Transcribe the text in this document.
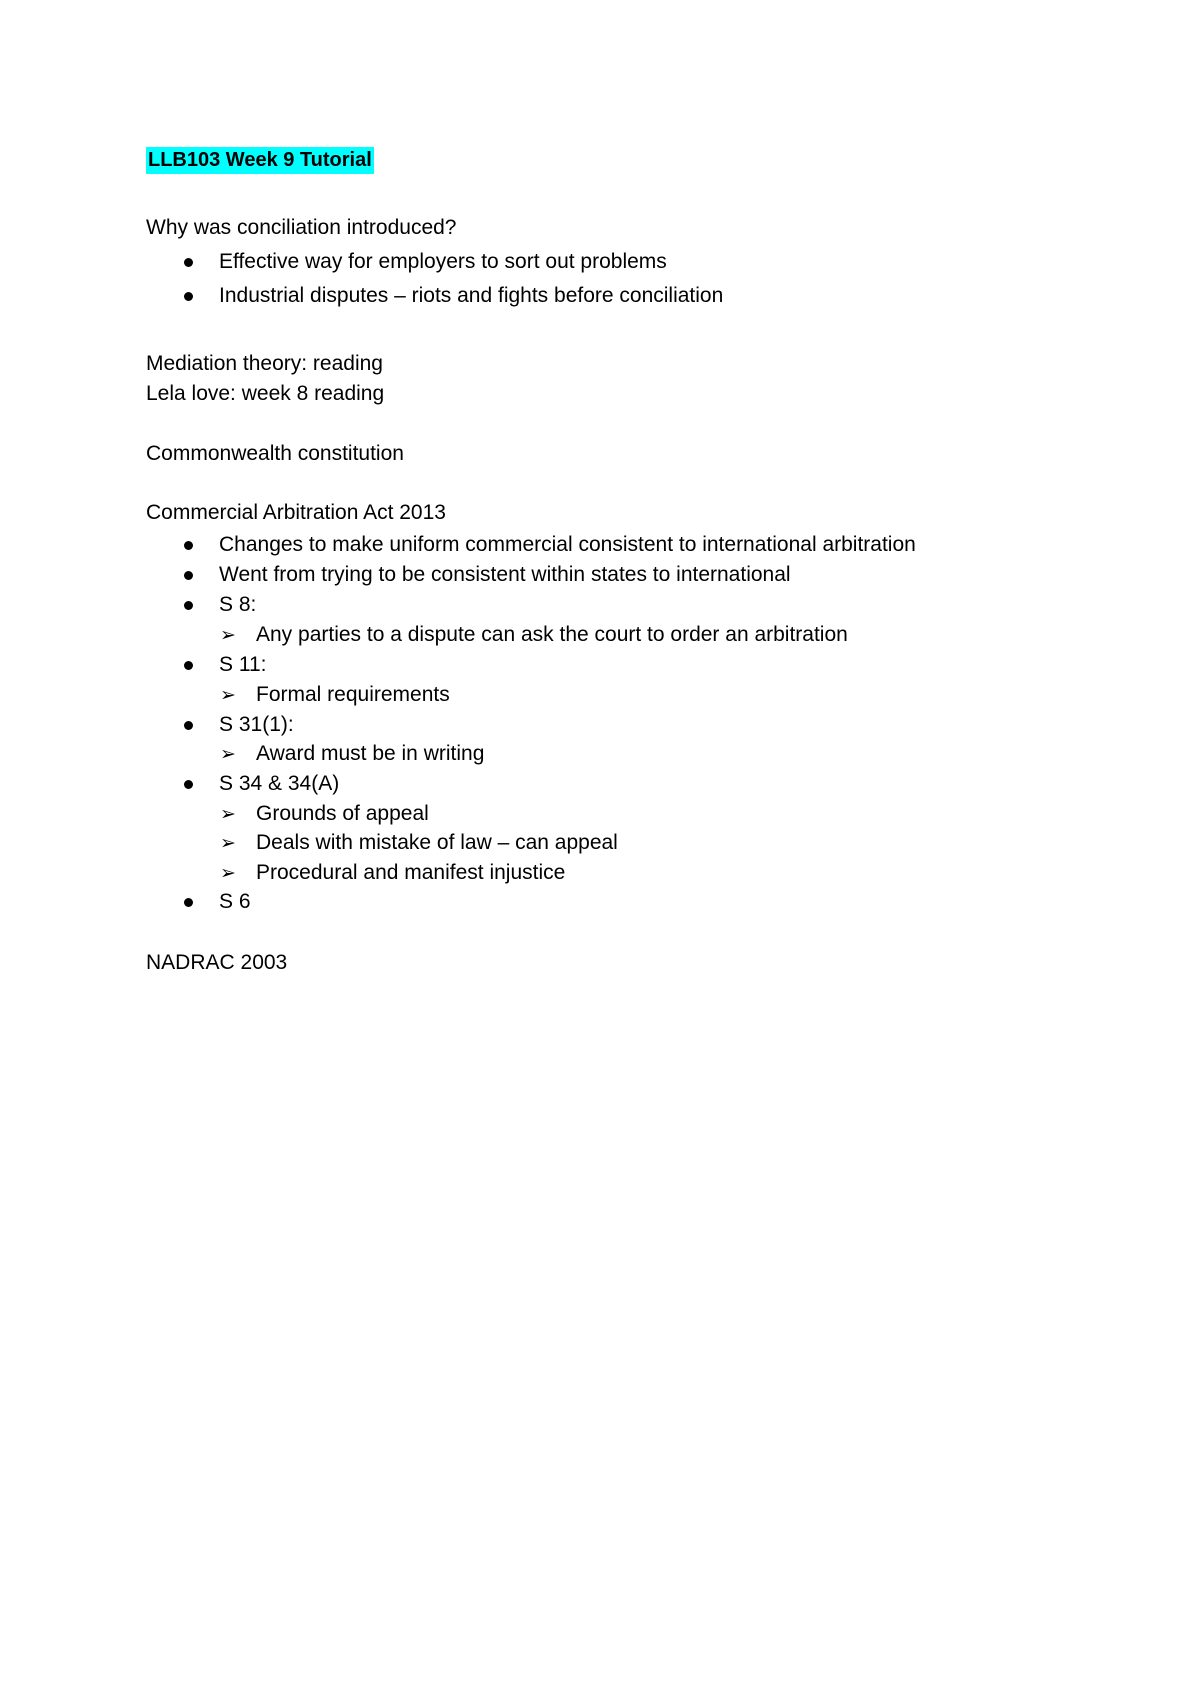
LLB103 Week 9 Tutorial
Why was conciliation introduced?
Effective way for employers to sort out problems
Industrial disputes – riots and fights before conciliation
Mediation theory: reading
Lela love: week 8 reading
Commonwealth constitution
Commercial Arbitration Act 2013
Changes to make uniform commercial consistent to international arbitration
Went from trying to be consistent within states to international
S 8:
➢ Any parties to a dispute can ask the court to order an arbitration
S 11:
➢ Formal requirements
S 31(1):
➢ Award must be in writing
S 34 & 34(A)
➢ Grounds of appeal
➢ Deals with mistake of law – can appeal
➢ Procedural and manifest injustice
S 6
NADRAC 2003
